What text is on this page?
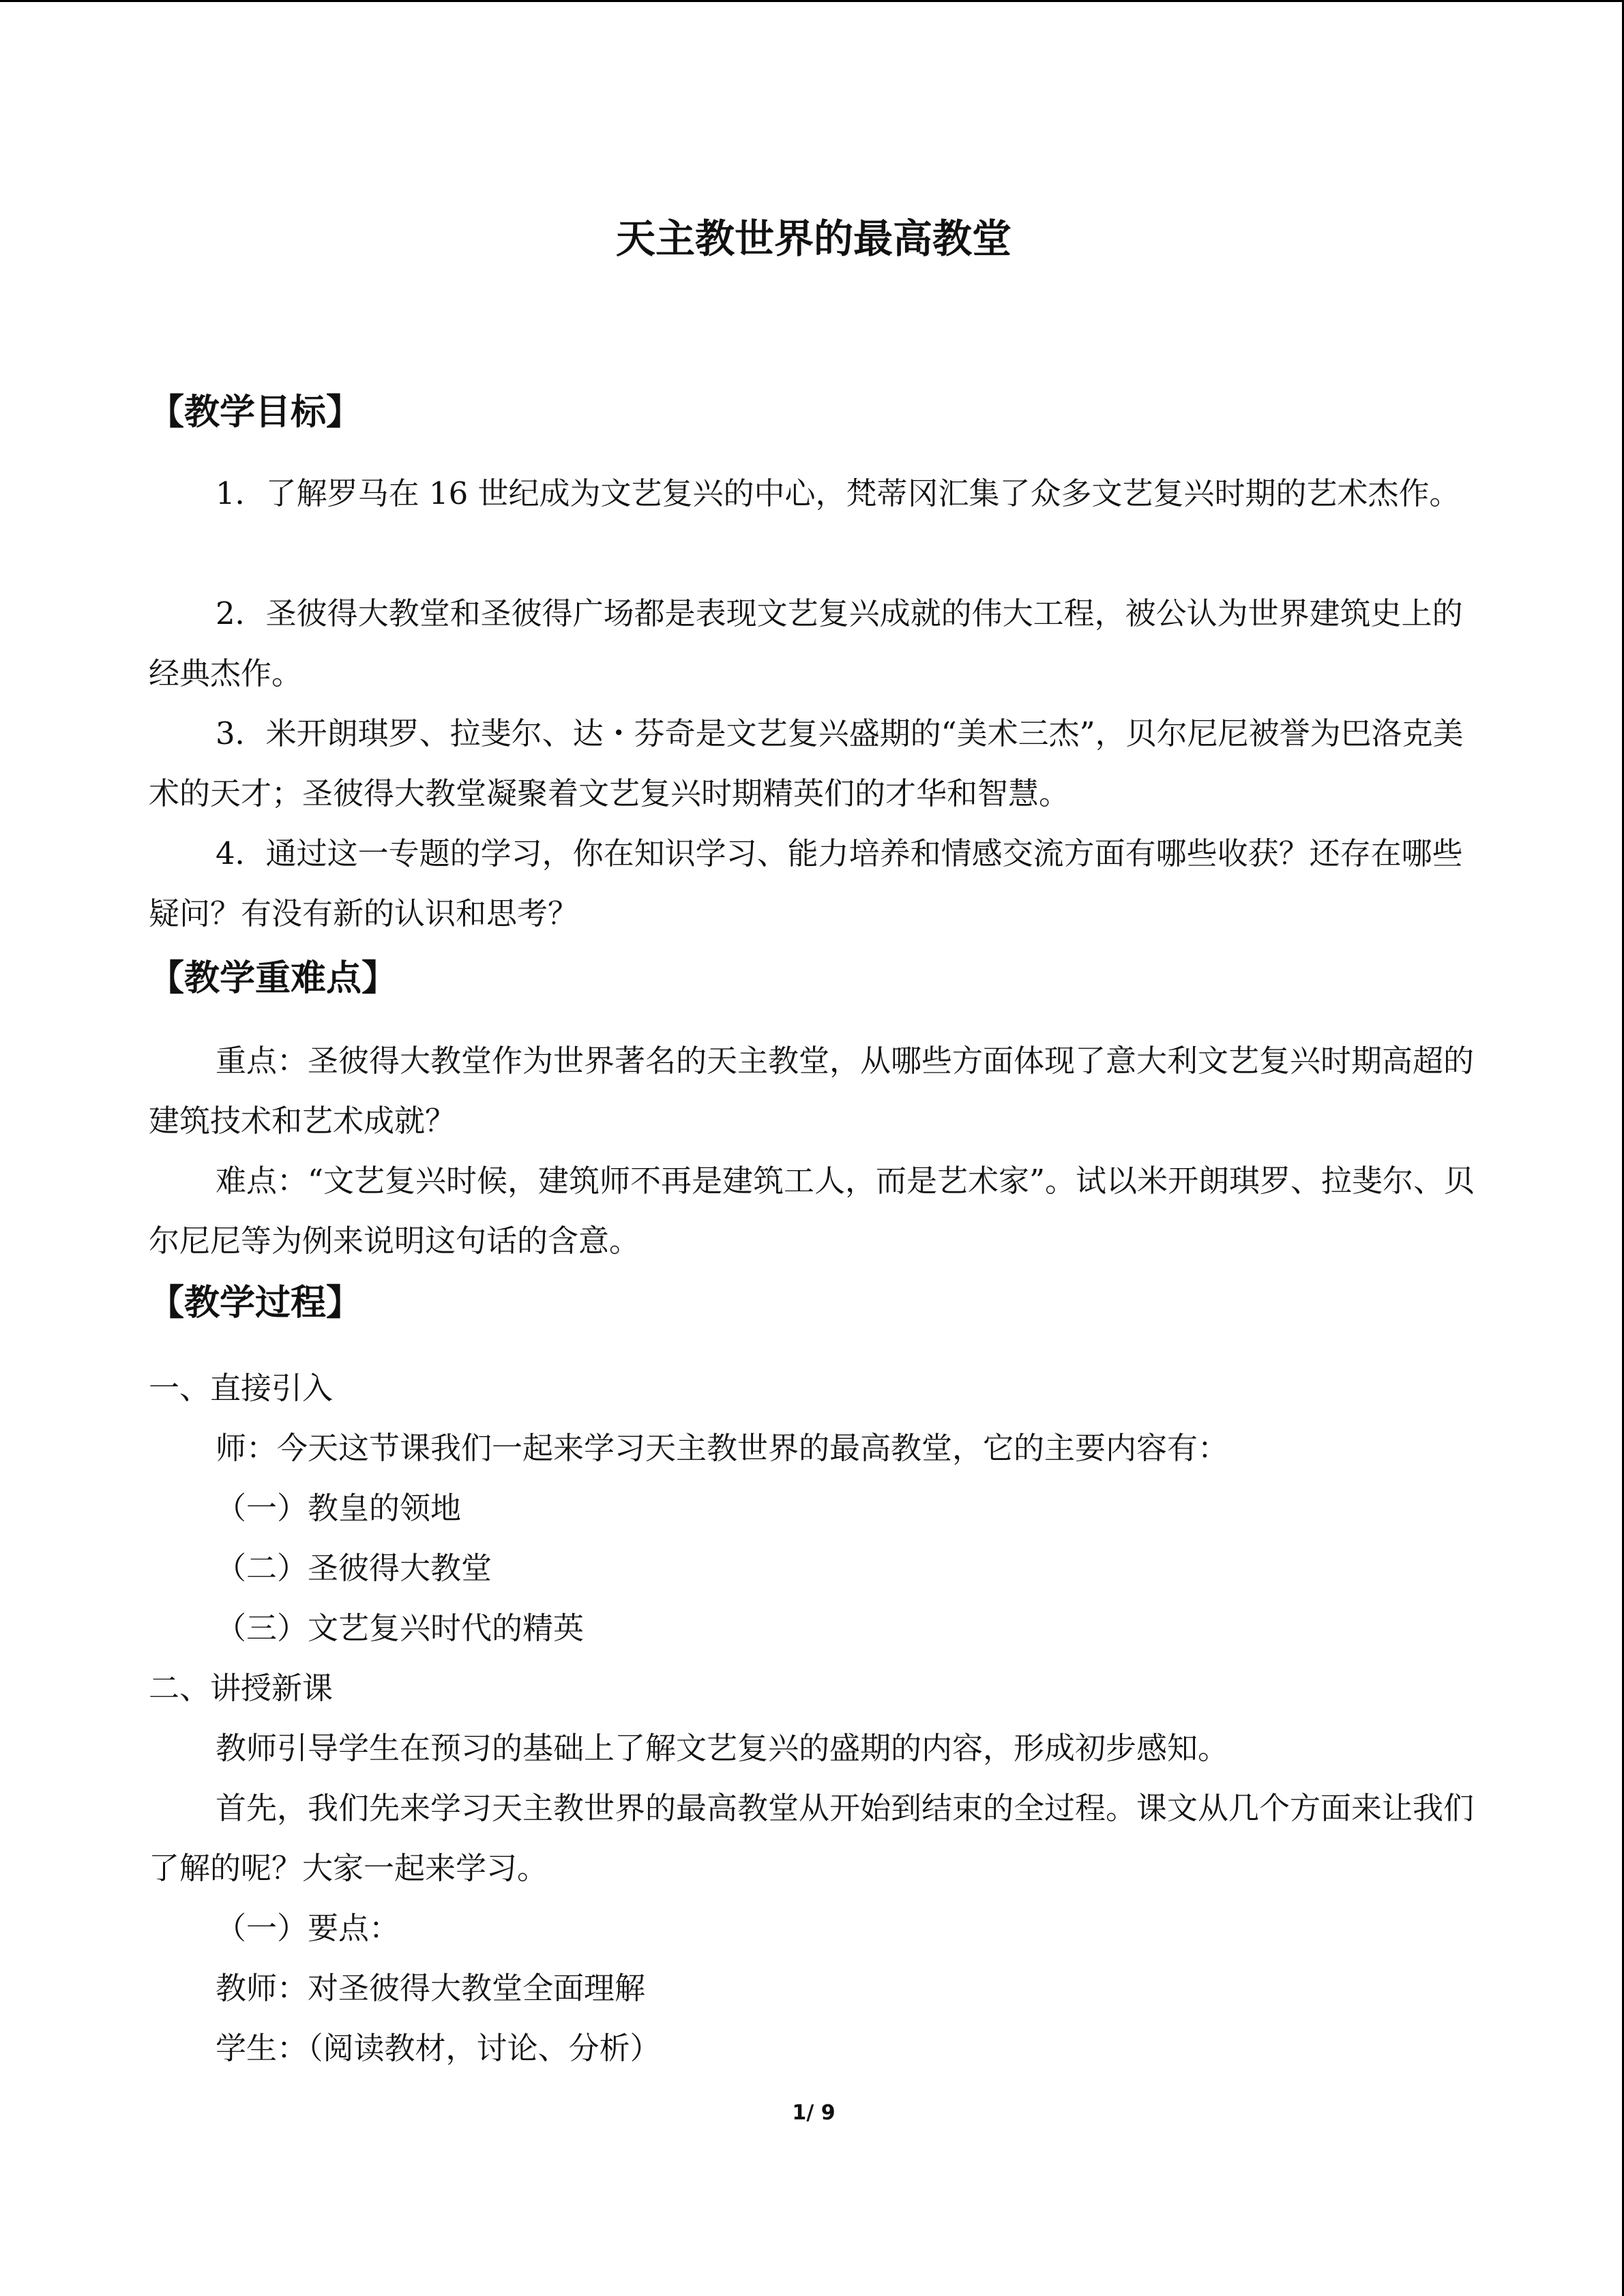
天主教世界的最高教堂
【教学目标】
1．了解罗马在 16 世纪成为文艺复兴的中心，梵蒂冈汇集了众多文艺复兴时期的艺术杰作。
2．圣彼得大教堂和圣彼得广场都是表现文艺复兴成就的伟大工程，被公认为世界建筑史上的经典杰作。
3．米开朗琪罗、拉斐尔、达・芬奇是文艺复兴盛期的“美术三杰”，贝尔尼尼被誉为巴洛克美术的天才；圣彼得大教堂凝聚着文艺复兴时期精英们的才华和智慧。
4．通过这一专题的学习，你在知识学习、能力培养和情感交流方面有哪些收获？还存在哪些疑问？有没有新的认识和思考？
【教学重难点】
重点：圣彼得大教堂作为世界著名的天主教堂，从哪些方面体现了意大利文艺复兴时期高超的建筑技术和艺术成就？
难点：“文艺复兴时候，建筑师不再是建筑工人，而是艺术家”。试以米开朗琪罗、拉斐尔、贝尔尼尼等为例来说明这句话的含意。
【教学过程】
一、直接引入
师：今天这节课我们一起来学习天主教世界的最高教堂，它的主要内容有：
（一）教皇的领地
（二）圣彼得大教堂
（三）文艺复兴时代的精英
二、讲授新课
教师引导学生在预习的基础上了解文艺复兴的盛期的内容，形成初步感知。
首先，我们先来学习天主教世界的最高教堂从开始到结束的全过程。课文从几个方面来让我们了解的呢？大家一起来学习。
（一）要点：
教师：对圣彼得大教堂全面理解
学生：（阅读教材，讨论、分析）
1/ 9
